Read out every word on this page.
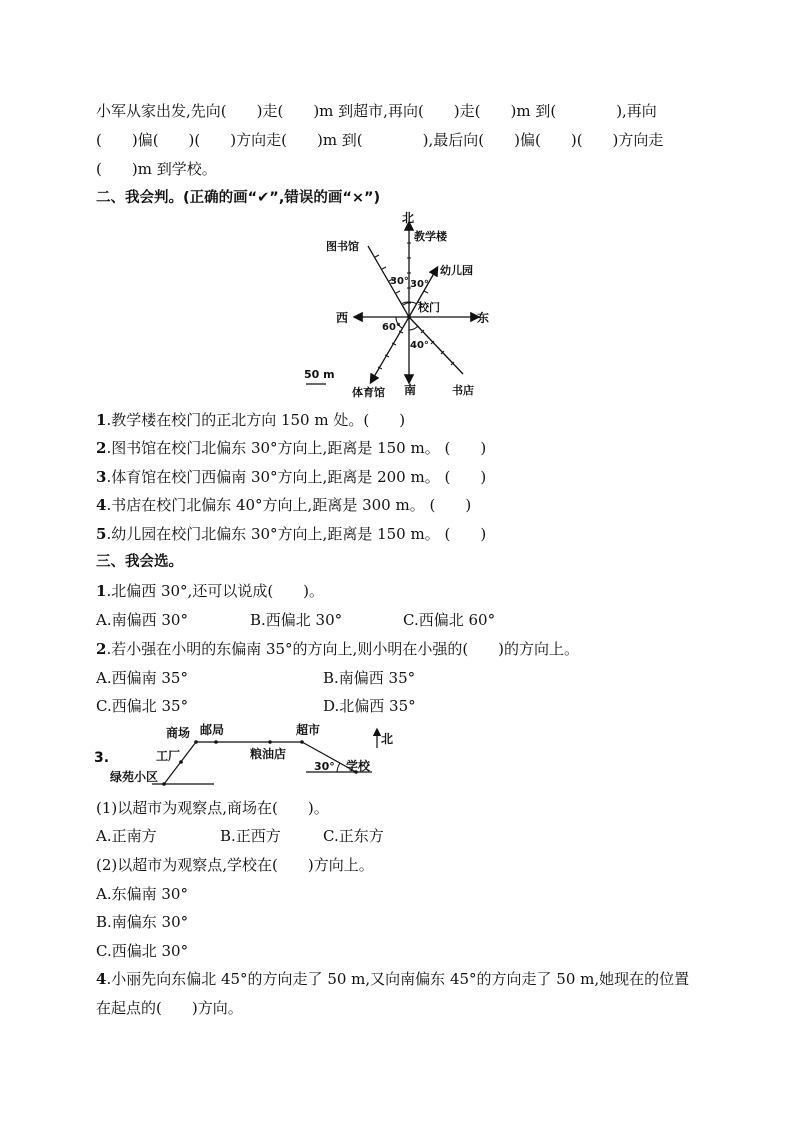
小军从家出发,先向(　　)走(　　)m 到超市,再向(　　)走(　　)m 到(　　　　),再向
(　　)偏(　　)(　　)方向走(　　)m 到(　　　　),最后向(　　)偏(　　)(　　)方向走
(　　)m 到学校。
二、我会判。(正确的画“✔”,错误的画“×”)
北
教学楼
图书馆
幼儿园
30° 30°
校门
西	东
60°
40°
50 m
体育馆 南	书店
1.教学楼在校门的正北方向 150 m 处。(　　)
2.图书馆在校门北偏东 30°方向上,距离是 150 m。 (　　)
3.体育馆在校门西偏南 30°方向上,距离是 200 m。 (　　)
4.书店在校门北偏东 40°方向上,距离是 300 m。 (　　)
5.幼儿园在校门北偏东 30°方向上,距离是 150 m。 (　　)
三、我会选。
1.北偏西 30°,还可以说成(　　)。
A.南偏西 30°	B.西偏北 30°	C.西偏北 60°
2.若小强在小明的东偏南 35°的方向上,则小明在小强的(　　)的方向上。
A.西偏南 35°	B.南偏西 35°
C.西偏北 35°	D.北偏西 35°
3.
北
商场 邮局	超市
工厂	粮油店
绿苑小区
30° 学校
(1)以超市为观察点,商场在(　　)。
A.正南方	B.正西方	C.正东方
(2)以超市为观察点,学校在(　　)方向上。
A.东偏南 30°
B.南偏东 30°
C.西偏北 30°
4.小丽先向东偏北 45°的方向走了 50 m,又向南偏东 45°的方向走了 50 m,她现在的位置
在起点的(　　)方向。
